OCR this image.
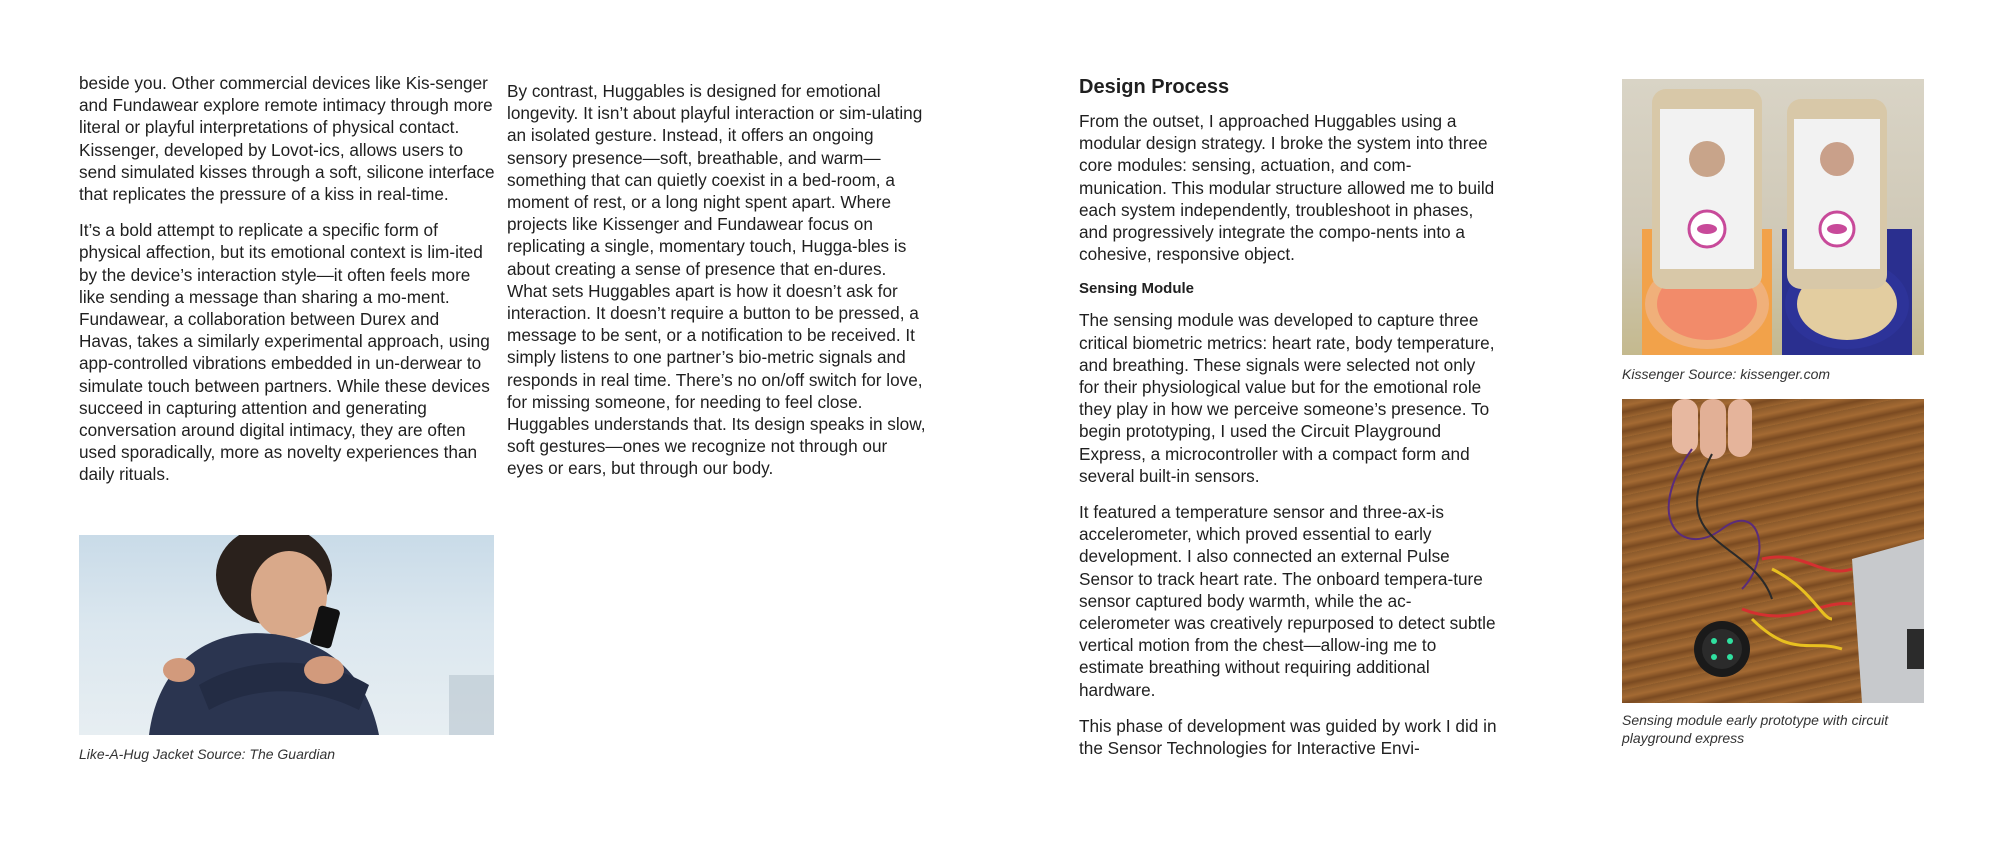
beside you. Other commercial devices like Kis-senger and Fundawear explore remote intimacy through more literal or playful interpretations of physical contact. Kissenger, developed by Lovot-ics, allows users to send simulated kisses through a soft, silicone interface that replicates the pressure of a kiss in real-time.

It’s a bold attempt to replicate a specific form of physical affection, but its emotional context is lim-ited by the device’s interaction style—it often feels more like sending a message than sharing a mo-ment. Fundawear, a collaboration between Durex and Havas, takes a similarly experimental approach, using app-controlled vibrations embedded in un-derwear to simulate touch between partners. While these devices succeed in capturing attention and generating conversation around digital intimacy, they are often used sporadically, more as novelty experiences than daily rituals.

Like-A-Hug Jacket Source: The Guardian

By contrast, Huggables is designed for emotional longevity. It isn’t about playful interaction or sim-ulating an isolated gesture. Instead, it offers an ongoing sensory presence—soft, breathable, and warm—something that can quietly coexist in a bed-room, a moment of rest, or a long night spent apart. Where projects like Kissenger and Fundawear focus on replicating a single, momentary touch, Hugga-bles is about creating a sense of presence that en-dures. What sets Huggables apart is how it doesn’t ask for interaction. It doesn’t require a button to be pressed, a message to be sent, or a notification to be received. It simply listens to one partner’s bio-metric signals and responds in real time. There’s no on/off switch for love, for missing someone, for needing to feel close. Huggables understands that. Its design speaks in slow, soft gestures—ones we recognize not through our eyes or ears, but through our body.

Design Process

From the outset, I approached Huggables using a modular design strategy. I broke the system into three core modules: sensing, actuation, and com-munication. This modular structure allowed me to build each system independently, troubleshoot in phases, and progressively integrate the compo-nents into a cohesive, responsive object.

Sensing Module

The sensing module was developed to capture three critical biometric metrics: heart rate, body temperature, and breathing. These signals were selected not only for their physiological value but for the emotional role they play in how we perceive someone’s presence. To begin prototyping, I used the Circuit Playground Express, a microcontroller with a compact form and several built-in sensors.

It featured a temperature sensor and three-ax-is accelerometer, which proved essential to early development. I also connected an external Pulse Sensor to track heart rate. The onboard tempera-ture sensor captured body warmth, while the ac-celerometer was creatively repurposed to detect subtle vertical motion from the chest—allow-ing me to estimate breathing without requiring additional hardware.

This phase of development was guided by work I did in the Sensor Technologies for Interactive Envi-

Kissenger Source: kissenger.com

Sensing module early prototype with circuit playground express
